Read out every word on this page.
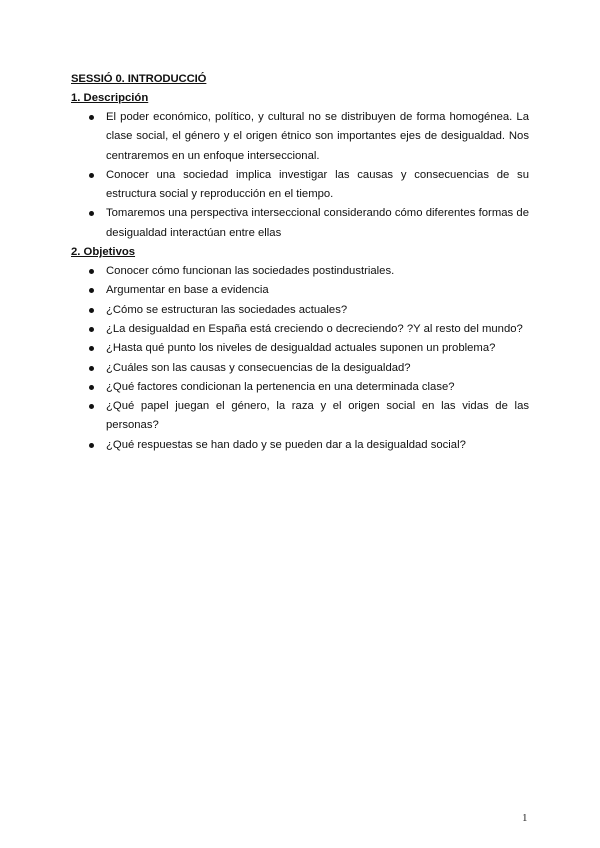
SESSIÓ 0. INTRODUCCIÓ
1. Descripción
El poder económico, político, y cultural no se distribuyen de forma homogénea. La clase social, el género y el origen étnico son importantes ejes de desigualdad. Nos centraremos en un enfoque interseccional.
Conocer una sociedad implica investigar las causas y consecuencias de su estructura social y reproducción en el tiempo.
Tomaremos una perspectiva interseccional considerando cómo diferentes formas de desigualdad interactúan entre ellas
2. Objetivos
Conocer cómo funcionan las sociedades postindustriales.
Argumentar en base a evidencia
¿Cómo se estructuran las sociedades actuales?
¿La desigualdad en España está creciendo o decreciendo? ?Y al resto del mundo?
¿Hasta qué punto los niveles de desigualdad actuales suponen un problema?
¿Cuáles son las causas y consecuencias de la desigualdad?
¿Qué factores condicionan la pertenencia en una determinada clase?
¿Qué papel juegan el género, la raza y el origen social en las vidas de las personas?
¿Qué respuestas se han dado y se pueden dar a la desigualdad social?
1
